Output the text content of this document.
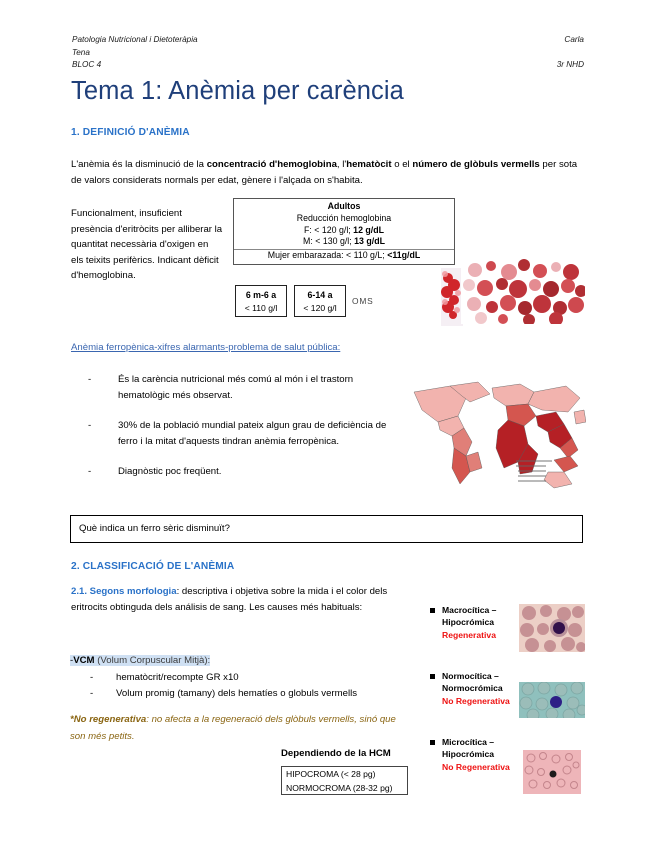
Patologia Nutricional i Dietoteràpia	Carla
Tena
BLOC 4	3r NHD
Tema 1: Anèmia per carència
1. DEFINICIÓ D'ANÈMIA
L'anèmia és la disminució de la concentració d'hemoglobina, l'hematòcit o el número de glòbuls vermells per sota de valors considerats normals per edat, gènere i l'alçada on s'habita.
Funcionalment, insuficient presència d'eritròcits per alliberar la quantitat necessària d'oxigen en els teixits perifèrics. Indicant dèficit d'hemoglobina.
Adultos
Reducción hemoglobina
F: < 120 g/l; 12 g/dL
M: < 130 g/l; 13 g/dL
Mujer embarazada: < 110 g/L; <11g/dL
6 m-6 a
< 110 g/l
6-14 a
< 120 g/l
OMS
Anèmia ferropènica-xifres alarmants-problema de salut pública:
-	És la carència nutricional més comú al món i el trastorn hematològic més observat.
-	30% de la població mundial pateix algun grau de deficiència de ferro i la mitat d'aquests tindran anèmia ferropènica.
-	Diagnòstic poc freqüent.
Què indica un ferro sèric disminuït?
2. CLASSIFICACIÓ DE L'ANÈMIA
2.1. Segons morfologia: descriptiva i objetiva sobre la mida i el color dels eritrocits obtinguda dels análisis de sang. Les causes més habituals:
-VCM (Volum Corpuscular Mitjà):
- hematòcrit/recompte GR x10
- Volum promig (tamany) dels hematíes o globuls vermells
*No regenerativa: no afecta a la regeneració dels glòbuls vermells, sinó que son més petits.
Dependiendo de la HCM
HIPOCROMA (< 28 pg)
NORMOCROMA (28-32 pg)
Macrocítica –
Hipocrómica
Regenerativa
Normocítica –
Normocrómica
No Regenerativa
Microcítica –
Hipocrómica
No Regenerativa
